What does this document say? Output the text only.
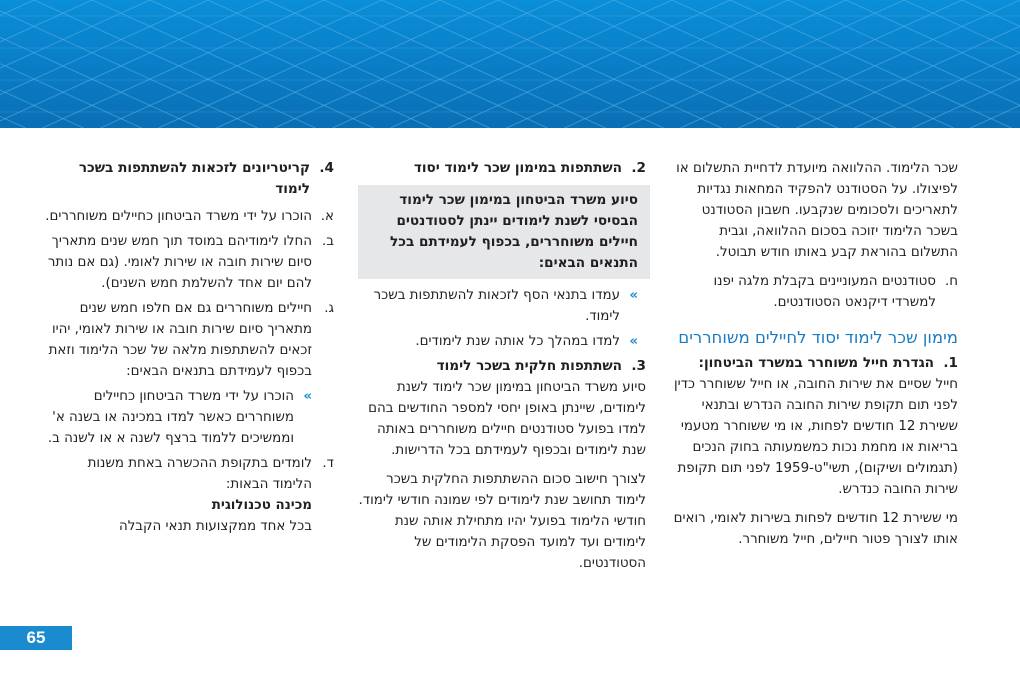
שכר הלימוד. ההלוואה מיועדת לדחיית התשלום או לפיצולו. על הסטודנט להפקיד המחאות נגדיות לתאריכים ולסכומים שנקבעו. חשבון הסטודנט בשכר הלימוד יזוכה בסכום ההלוואה, וגבית התשלום בהוראת קבע באותו חודש תבוטל.

ח.
סטודנטים המעוניינים בקבלת מלגה יפנו למשרדי דיקנאט הסטודנטים.
מימון שכר לימוד יסוד לחיילים משוחררים
1.
הגדרת חייל משוחרר במשרד הביטחון:

חייל שסיים את שירות החובה, או חייל ששוחרר כדין לפני תום תקופת שירות החובה הנדרש ובתנאי ששירת 12 חודשים לפחות, או מי ששוחרר מטעמי בריאות או מחמת נכות כמשמעותה בחוק הנכים (תגמולים ושיקום), תשי"ט-1959 לפני תום תקופת שירות החובה כנדרש.

מי ששירת 12 חודשים לפחות בשירות לאומי, רואים אותו לצורך פטור חיילים, חייל משוחרר.

2.
השתתפות במימון שכר לימוד יסוד
סיוע משרד הביטחון במימון שכר לימוד הבסיסי לשנת לימודים יינתן לסטודנטים חיילים משוחררים, בכפוף לעמידתם בכל התנאים הבאים:
»
עמדו בתנאי הסף לזכאות להשתתפות בשכר לימוד.
»
למדו במהלך כל אותה שנת לימודים.
3.
השתתפות חלקית בשכר לימוד

סיוע משרד הביטחון במימון שכר לימוד לשנת לימודים, שיינתן באופן יחסי למספר החודשים בהם למדו בפועל סטודנטים חיילים משוחררים באותה שנת לימודים ובכפוף לעמידתם בכל הדרישות.

לצורך חישוב סכום ההשתתפות החלקית בשכר לימוד תחושב שנת לימודים לפי שמונה חודשי לימוד. חודשי הלימוד בפועל יהיו מתחילת אותה שנת לימודים ועד למועד הפסקת הלימודים של הסטודנטים.

4.
קריטריונים לזכאות להשתתפות בשכר לימוד
א.
הוכרו על ידי משרד הביטחון כחיילים משוחררים.
ב.
החלו לימודיהם במוסד תוך חמש שנים מתאריך סיום שירות חובה או שירות לאומי. (גם אם נותר להם יום אחד להשלמת חמש השנים).
ג.
חיילים משוחררים גם אם חלפו חמש שנים מתאריך סיום שירות חובה או שירות לאומי, יהיו זכאים להשתתפות מלאה של שכר הלימוד וזאת בכפוף לעמידתם בתנאים הבאים:
»
הוכרו על ידי משרד הביטחון כחיילים משוחררים כאשר למדו במכינה או בשנה א' וממשיכים ללמוד ברצף לשנה א או לשנה ב.
ד.
לומדים בתקופת ההכשרה באחת משנות הלימוד הבאות:
מכינה טכנולוגית
בכל אחד ממקצועות תנאי הקבלה
65
